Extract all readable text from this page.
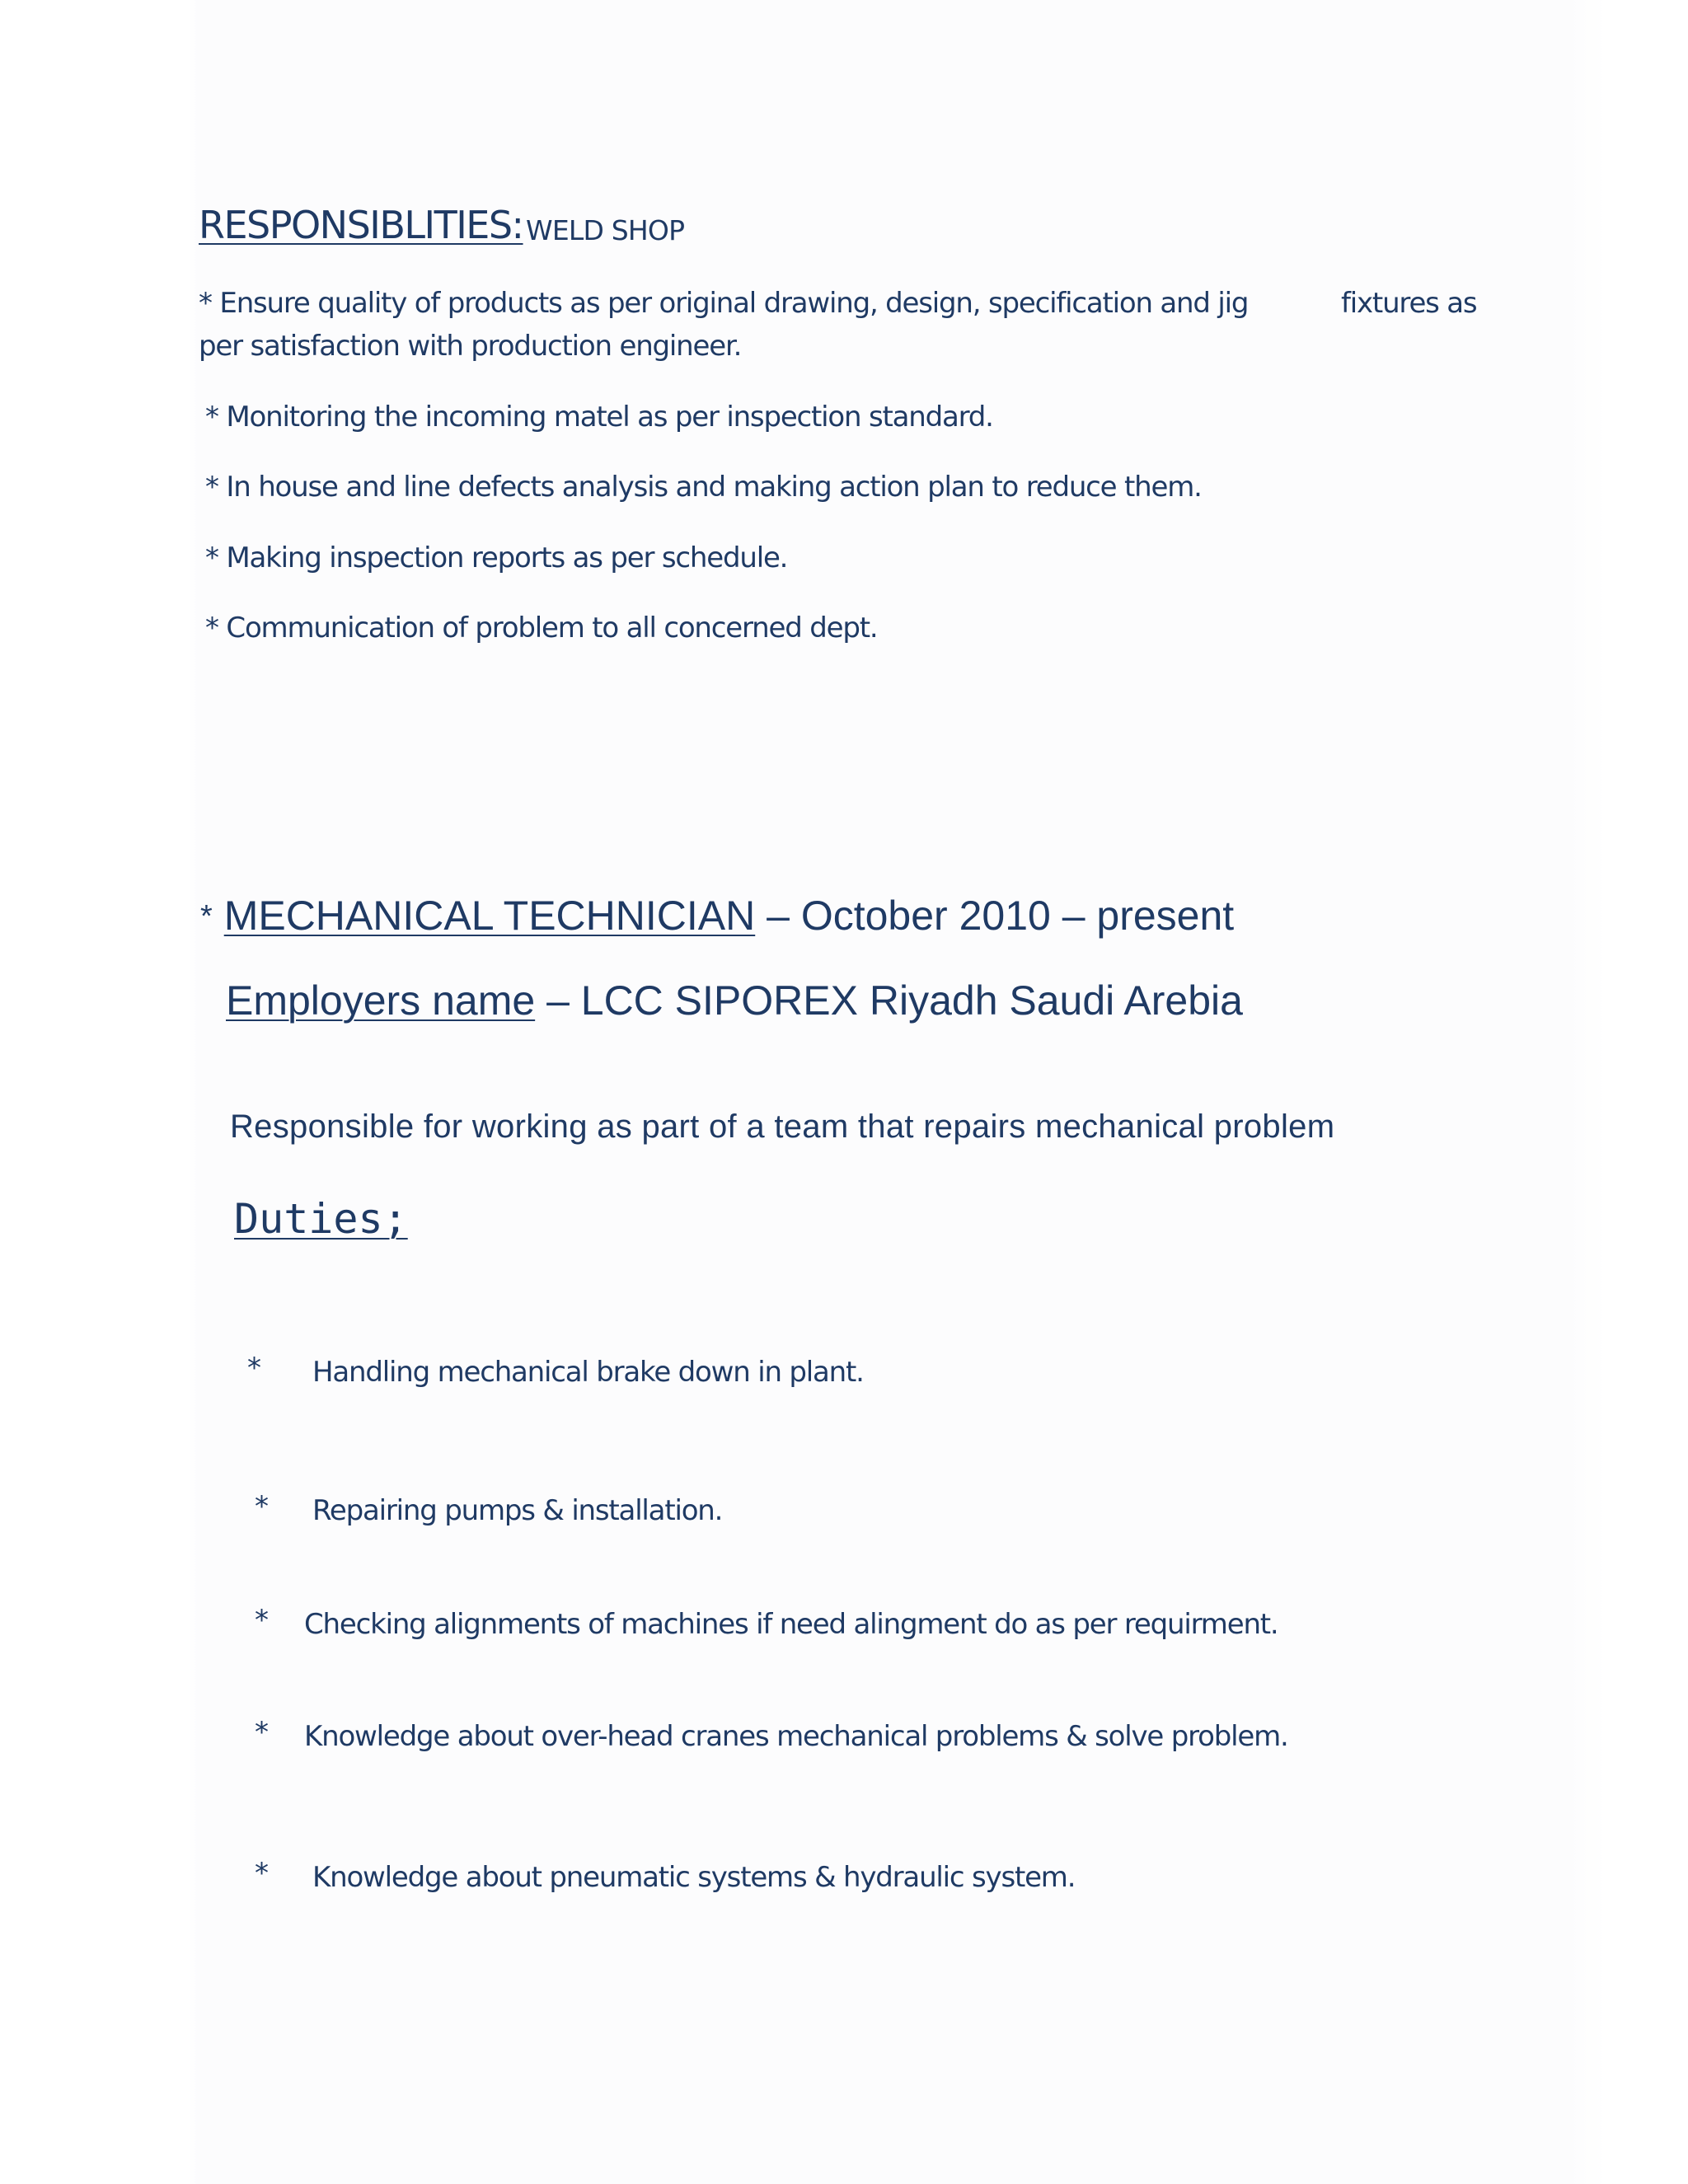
RESPONSIBLITIES: WELD SHOP
* Ensure quality of products as per original drawing, design, specification and jig	fixtures as
per satisfaction with production engineer.
* Monitoring the incoming matel as per inspection standard.
* In house and line defects analysis and making action plan to reduce them.
* Making inspection reports as per schedule.
* Communication of problem to all concerned dept.
* MECHANICAL TECHNICIAN – October 2010 – present
Employers name – LCC SIPOREX Riyadh Saudi Arebia
Responsible for working as part of a team that repairs mechanical problem
Duties;
* Handling mechanical brake down in plant.
* Repairing pumps & installation.
* Checking alignments of machines if need alingment do as per requirment.
* Knowledge about over-head cranes mechanical problems & solve problem.
* Knowledge about pneumatic systems & hydraulic system.
